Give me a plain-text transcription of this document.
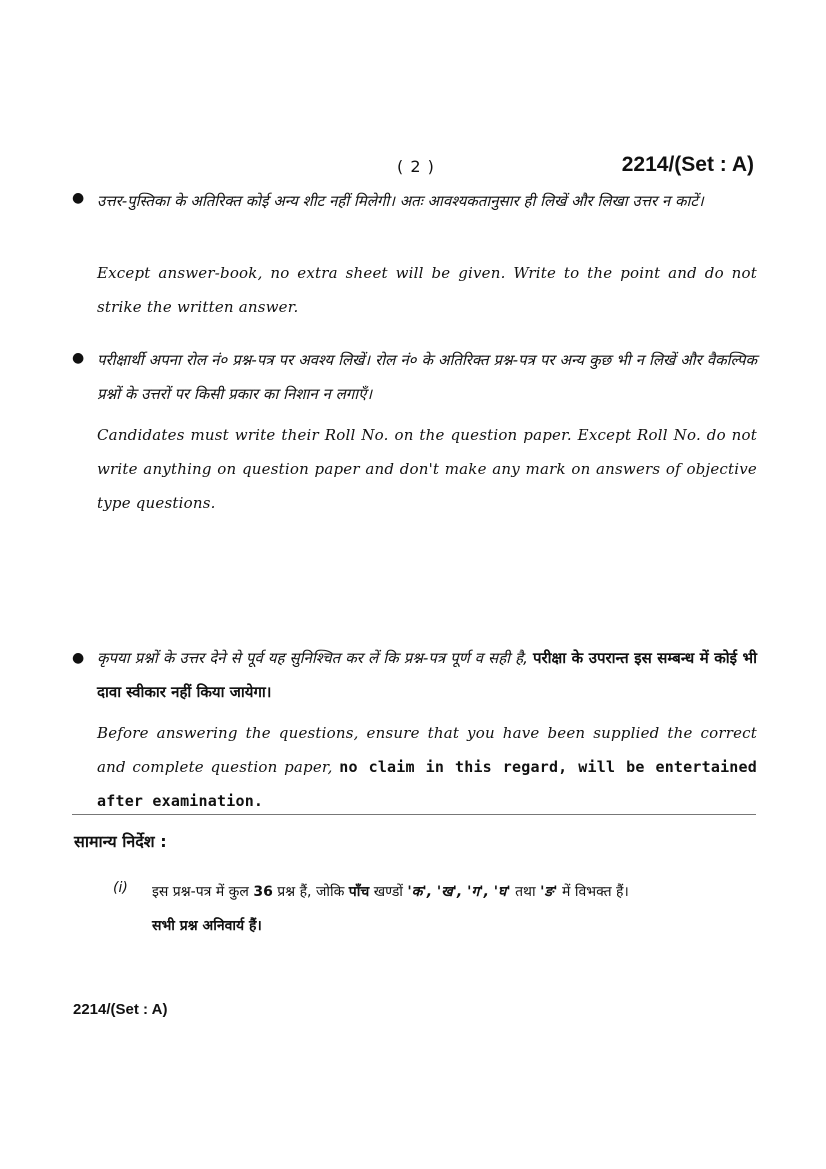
( 2 )	2214/(Set : A)
● उत्तर-पुस्तिका के अतिरिक्त कोई अन्य शीट नहीं मिलेगी। अतः आवश्यकतानुसार ही लिखें और लिखा उत्तर न काटें।
Except answer-book, no extra sheet will be given. Write to the point and do not strike the written answer.
● परीक्षार्थी अपना रोल नं० प्रश्न-पत्र पर अवश्य लिखें। रोल नं० के अतिरिक्त प्रश्न-पत्र पर अन्य कुछ भी न लिखें और वैकल्पिक प्रश्नों के उत्तरों पर किसी प्रकार का निशान न लगाएँ।
Candidates must write their Roll No. on the question paper. Except Roll No. do not write anything on question paper and don't make any mark on answers of objective type questions.
● कृपया प्रश्नों के उत्तर देने से पूर्व यह सुनिश्चित कर लें कि प्रश्न-पत्र पूर्ण व सही है, परीक्षा के उपरान्त इस सम्बन्ध में कोई भी दावा स्वीकार नहीं किया जायेगा।
Before answering the questions, ensure that you have been supplied the correct and complete question paper, no claim in this regard, will be entertained after examination.
सामान्य निर्देश :
(i) इस प्रश्न-पत्र में कुल 36 प्रश्न हैं, जोकि पाँच खण्डों 'क', 'ख', 'ग', 'घ' तथा 'ङ' में विभक्त हैं।
सभी प्रश्न अनिवार्य हैं।
2214/(Set : A)
